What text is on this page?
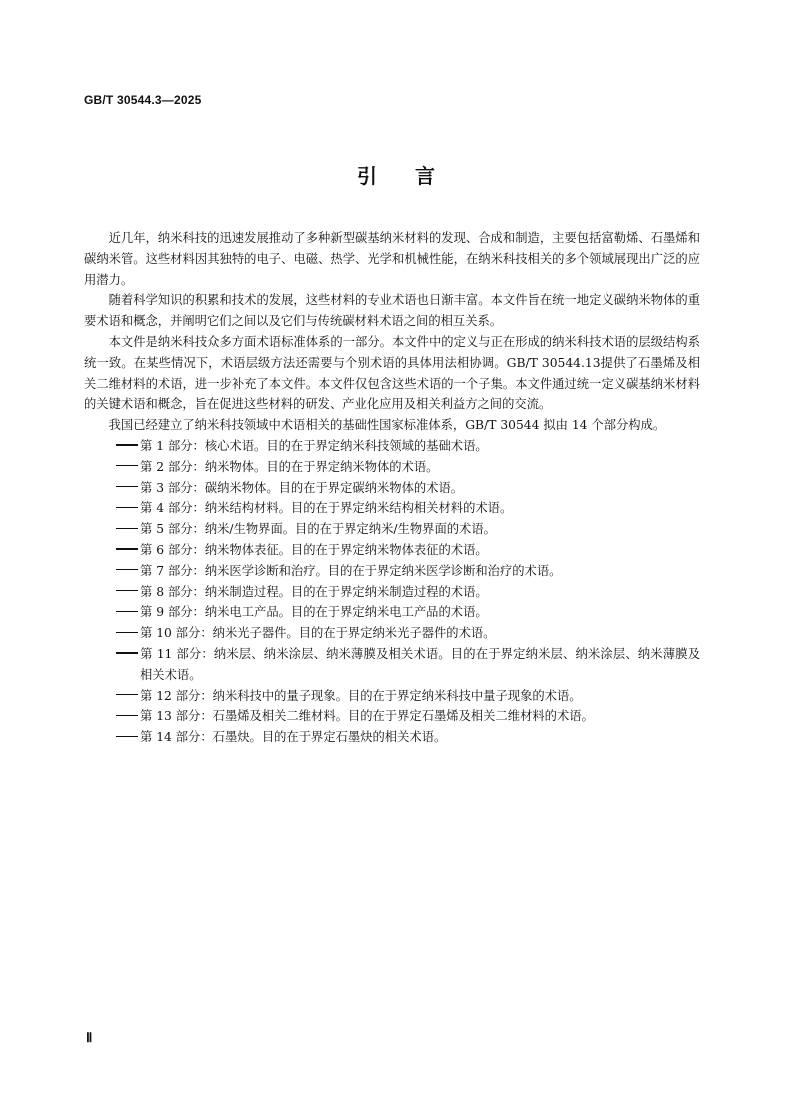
GB/T 30544.3—2025
引言

近几年，纳米科技的迅速发展推动了多种新型碳基纳米材料的发现、合成和制造，主要包括富勒烯、石墨烯和碳纳米管。这些材料因其独特的电子、电磁、热学、光学和机械性能，在纳米科技相关的多个领域展现出广泛的应用潜力。

随着科学知识的积累和技术的发展，这些材料的专业术语也日渐丰富。本文件旨在统一地定义碳纳米物体的重要术语和概念，并阐明它们之间以及它们与传统碳材料术语之间的相互关系。

本文件是纳米科技众多方面术语标准体系的一部分。本文件中的定义与正在形成的纳米科技术语的层级结构系统一致。在某些情况下，术语层级方法还需要与个别术语的具体用法相协调。GB/T 30544.13提供了石墨烯及相关二维材料的术语，进一步补充了本文件。本文件仅包含这些术语的一个子集。本文件通过统一定义碳基纳米材料的关键术语和概念，旨在促进这些材料的研发、产业化应用及相关利益方之间的交流。

我国已经建立了纳米科技领域中术语相关的基础性国家标准体系，GB/T 30544 拟由 14 个部分构成。

第 1 部分：核心术语。目的在于界定纳米科技领域的基础术语。
第 2 部分：纳米物体。目的在于界定纳米物体的术语。
第 3 部分：碳纳米物体。目的在于界定碳纳米物体的术语。
第 4 部分：纳米结构材料。目的在于界定纳米结构相关材料的术语。
第 5 部分：纳米/生物界面。目的在于界定纳米/生物界面的术语。
第 6 部分：纳米物体表征。目的在于界定纳米物体表征的术语。
第 7 部分：纳米医学诊断和治疗。目的在于界定纳米医学诊断和治疗的术语。
第 8 部分：纳米制造过程。目的在于界定纳米制造过程的术语。
第 9 部分：纳米电工产品。目的在于界定纳米电工产品的术语。
第 10 部分：纳米光子器件。目的在于界定纳米光子器件的术语。
第 11 部分：纳米层、纳米涂层、纳米薄膜及相关术语。目的在于界定纳米层、纳米涂层、纳米薄膜及相关术语。
第 12 部分：纳米科技中的量子现象。目的在于界定纳米科技中量子现象的术语。
第 13 部分：石墨烯及相关二维材料。目的在于界定石墨烯及相关二维材料的术语。
第 14 部分：石墨炔。目的在于界定石墨炔的相关术语。
Ⅱ
